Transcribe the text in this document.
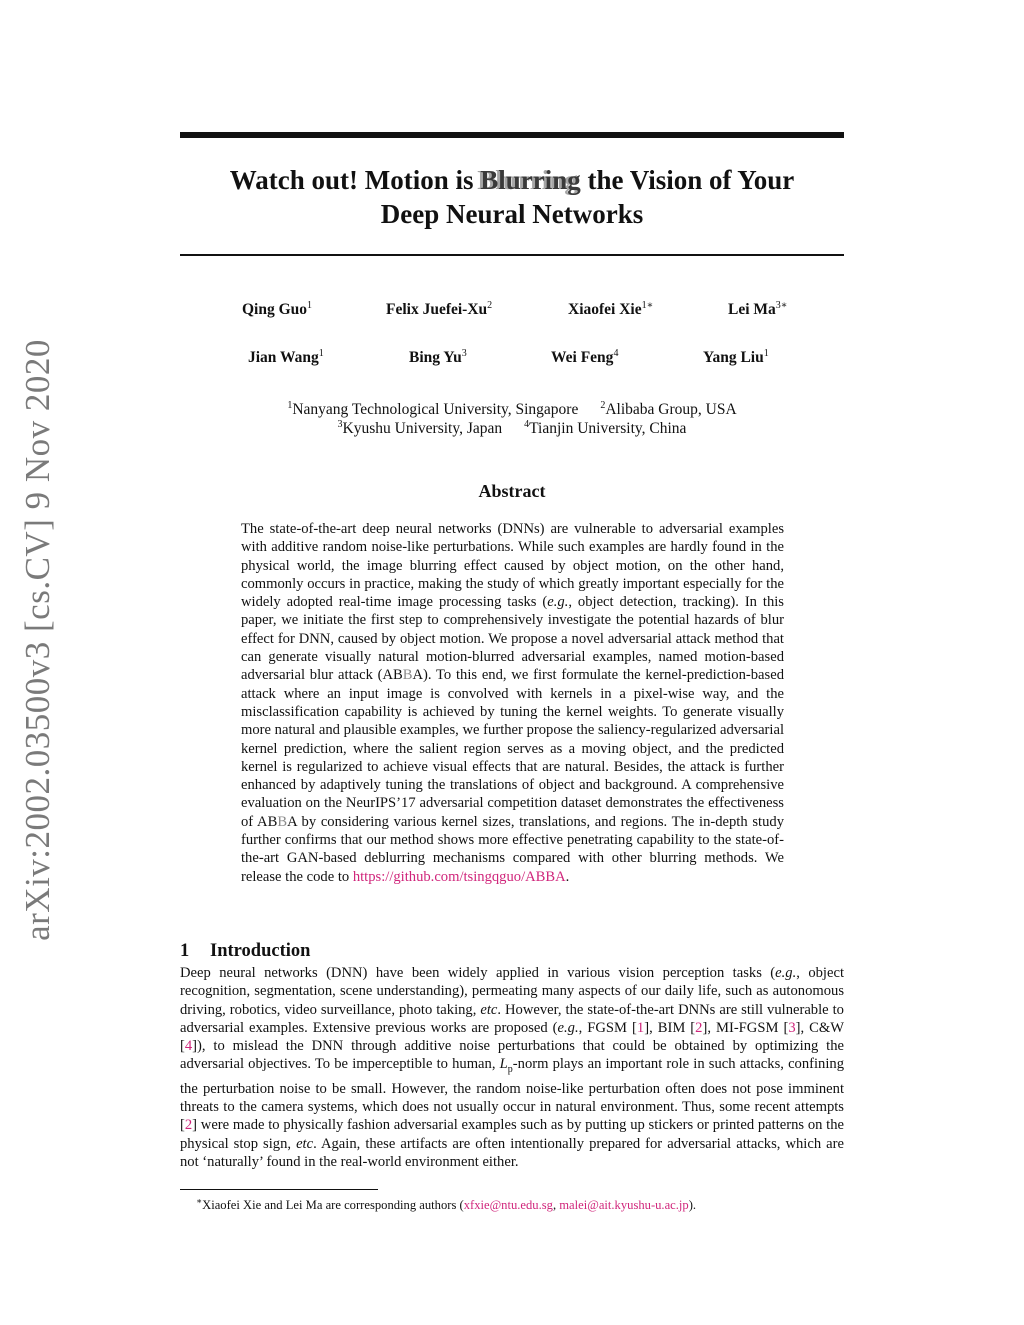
arXiv:2002.03500v3 [cs.CV] 9 Nov 2020
Watch out! Motion is Blurring the Vision of Your
Deep Neural Networks
Qing Guo$^1$	Felix Juefei-Xu$^2$	Xiaofei Xie$^{1∗}$	Lei $Ma^{3∗}$
Jian Wang$^1$	Bing Yu$^3$	Wei Feng$^4$	Yang Liu$^1$
$^1$Nanyang Technological University, Singapore $^2$Alibaba Group, USA
$^3$Kyushu University, Japan $^4$Tianjin University, China
Abstract
The state-of-the-art deep neural networks (DNNs) are vulnerable to adversarial examples with additive random noise-like perturbations. While such examples are hardly found in the physical world, the image blurring effect caused by object motion, on the other hand, commonly occurs in practice, making the study of which greatly important especially for the widely adopted real-time image processing tasks (e.g., object detection, tracking). In this paper, we initiate the first step to comprehensively investigate the potential hazards of blur effect for DNN, caused by object motion. We propose a novel adversarial attack method that can generate visually natural motion-blurred adversarial examples, named motion-based adversarial blur attack (ABBA). To this end, we first formulate the kernel-prediction-based attack where an input image is convolved with kernels in a pixel-wise way, and the misclassification capability is achieved by tuning the kernel weights. To generate visually more natural and plausible examples, we further propose the saliency-regularized adversarial kernel prediction, where the salient region serves as a moving object, and the predicted kernel is regularized to achieve visual effects that are natural. Besides, the attack is further enhanced by adaptively tuning the translations of object and background. A comprehensive evaluation on the NeurIPS’17 adversarial competition dataset demonstrates the effectiveness of ABBA by considering various kernel sizes, translations, and regions. The in-depth study further confirms that our method shows more effective penetrating capability to the state-of-the-art GAN-based deblurring mechanisms compared with other blurring methods. We release the code to https://github.com/tsingqguo/ABBA.
1 Introduction
Deep neural networks (DNN) have been widely applied in various vision perception tasks (e.g., object recognition, segmentation, scene understanding), permeating many aspects of our daily life, such as autonomous driving, robotics, video surveillance, photo taking, etc. However, the state-of-the-art DNNs are still vulnerable to adversarial examples. Extensive previous works are proposed (e.g., FGSM [1], BIM [2], MI-FGSM [3], C&W [4]), to mislead the DNN through additive noise perturbations that could be obtained by optimizing the adversarial objectives. To be imperceptible to human, $L_p$-norm plays an important role in such attacks, confining the perturbation noise to be small. However, the random noise-like perturbation often does not pose imminent threats to the camera systems, which does not usually occur in natural environment. Thus, some recent attempts [2] were made to physically fashion adversarial examples such as by putting up stickers or printed patterns on the physical stop sign, etc. Again, these artifacts are often intentionally prepared for adversarial attacks, which are not ‘naturally’ found in the real-world environment either.
∗Xiaofei Xie and Lei Ma are corresponding authors (xfxie@ntu.edu.sg, malei@ait.kyushu-u.ac.jp).
